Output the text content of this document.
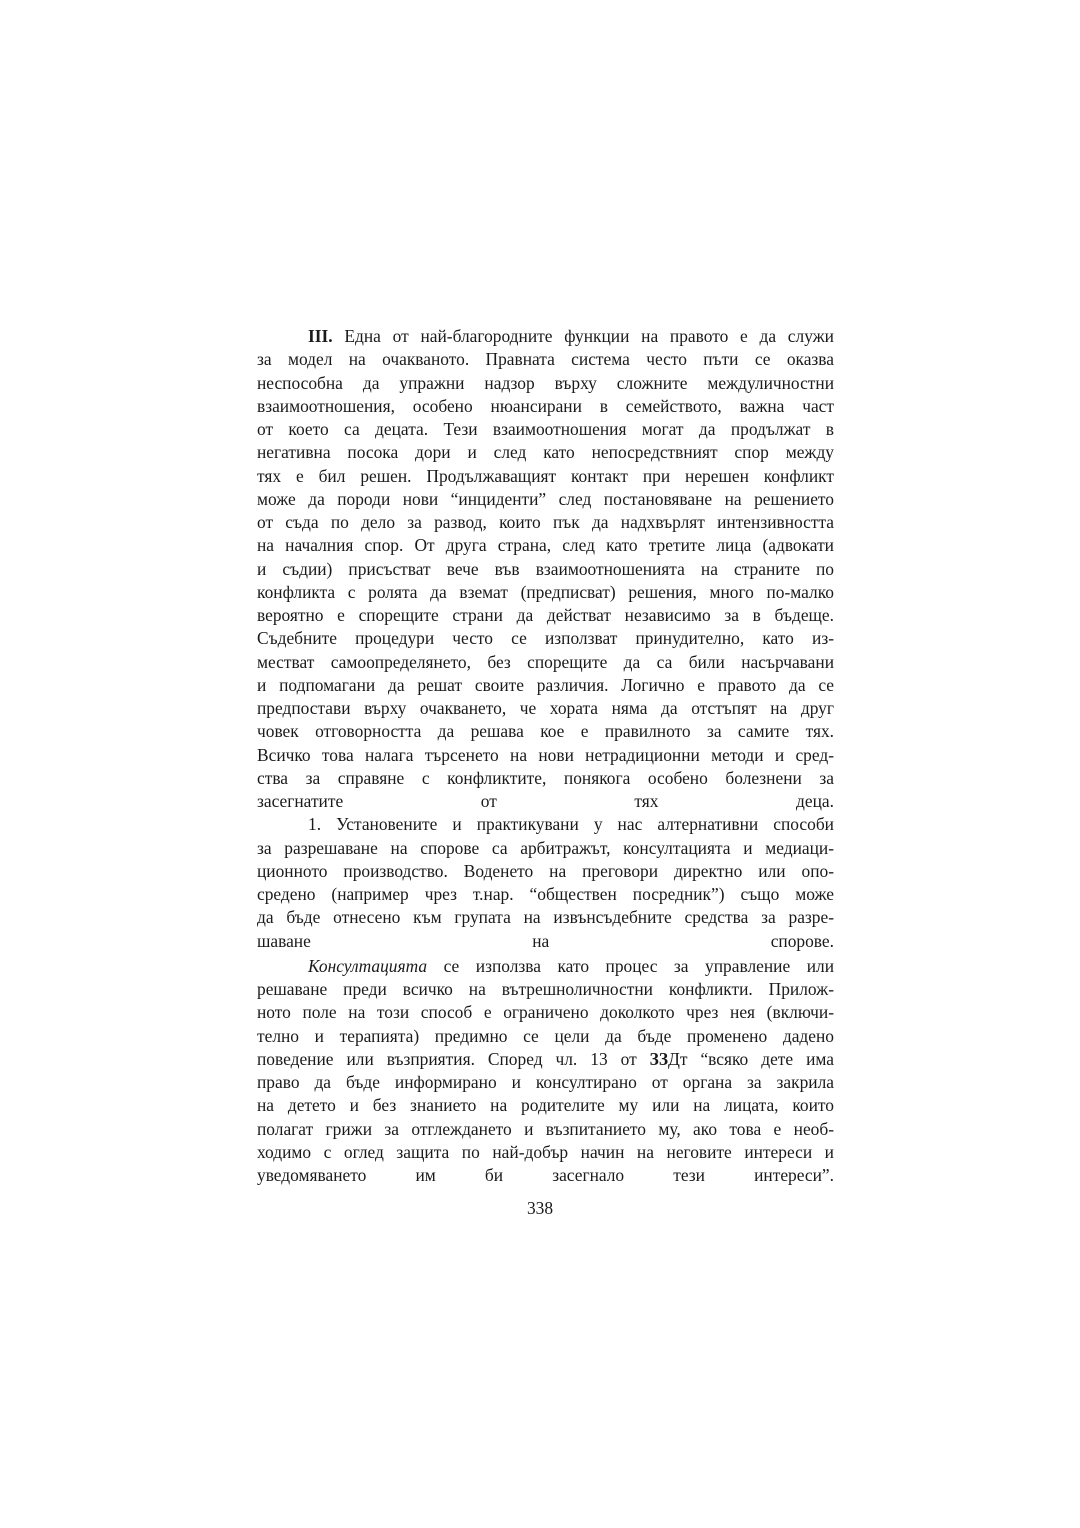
III. Една от най-благородните функции на правото е да служи
за модел на очакваното. Правната система често пъти се оказва
неспособна да упражни надзор върху сложните междуличностни
взаимоотношения, особено нюансирани в семейството, важна част
от което са децата. Тези взаимоотношения могат да продължат в
негативна посока дори и след като непосредствният спор между
тях е бил решен. Продължаващият контакт при нерешен конфликт
може да породи нови “инциденти” след постановяване на решението
от съда по дело за развод, които пък да надхвърлят интензивността
на началния спор. От друга страна, след като третите лица (адвокати
и съдии) присъстват вече във взаимоотношенията на страните по
конфликта с ролята да вземат (предписват) решения, много по-малко
вероятно е спорещите страни да действат независимо за в бъдеще.
Съдебните процедури често се използват принудително, като из-
местват самоопределянето, без спорещите да са били насърчавани
и подпомагани да решат своите различия. Логично е правото да се
предпостави върху очакването, че хората няма да отстъпят на друг
човек отговорността да решава кое е правилното за самите тях.
Всичко това налага търсенето на нови нетрадиционни методи и сред-
ства за справяне с конфликтите, понякога особено болезнени за
засегнатите от тях деца.
1. Установените и практикувани у нас алтернативни способи
за разрешаване на спорове са арбитражът, консултацията и медиаци-
ционното производство. Воденето на преговори директно или опо-
средено (например чрез т.нар. “обществен посредник”) също може
да бъде отнесено към групата на извънсъдебните средства за разре-
шаване на спорове.
Консултацията се използва като процес за управление или
решаване преди всичко на вътрешноличностни конфликти. Прилож-
ното поле на този способ е ограничено доколкото чрез нея (включи-
телно и терапията) предимно се цели да бъде променено дадено
поведение или възприятия. Според чл. 13 от ЗЗДт “всяко дете има
право да бъде информирано и консултирано от органа за закрила
на детето и без знанието на родителите му или на лицата, които
полагат грижи за отглеждането и възпитанието му, ако това е необ-
ходимо с оглед защита по най-добър начин на неговите интереси и
уведомяването им би засегнало тези интереси”.
338
